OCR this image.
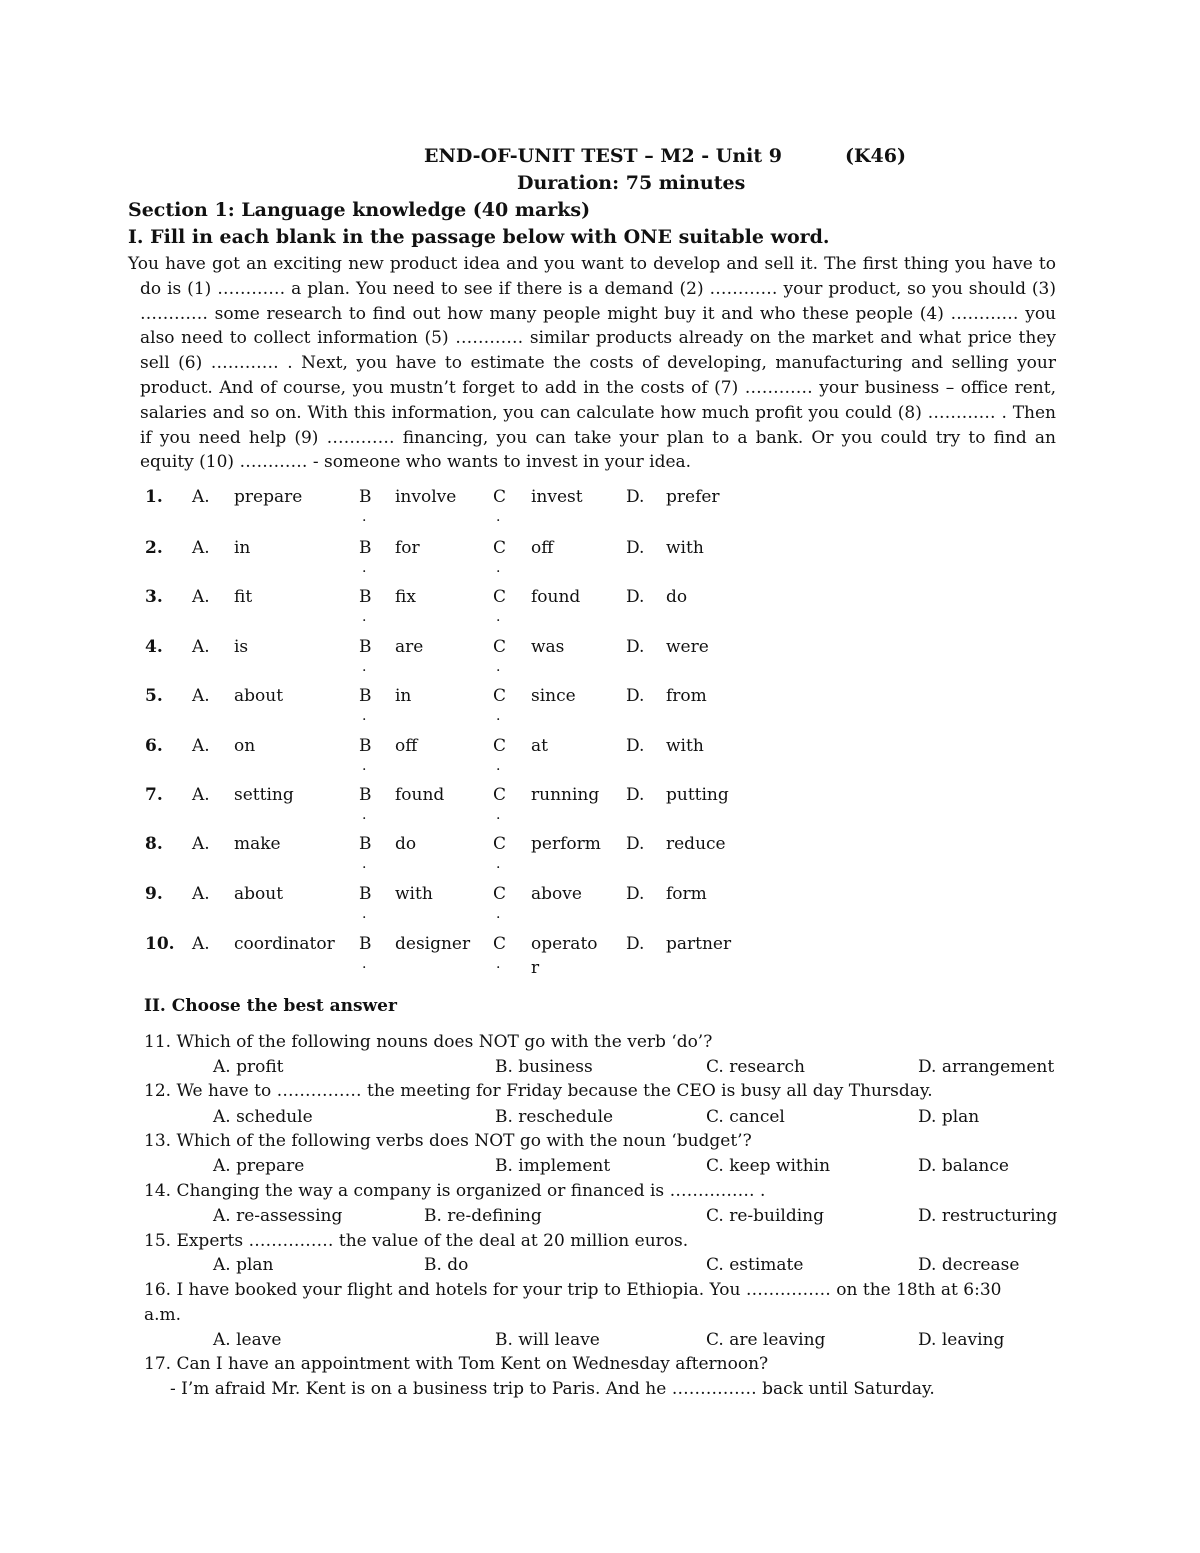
END-OF-UNIT TEST – M2 - Unit 9	(K46)
Duration: 75 minutes
Section 1: Language knowledge (40 marks)
I. Fill in each blank in the passage below with ONE suitable word.

You have got an exciting new product idea and you want to develop and sell it. The first thing you have to do is (1) ………… a plan. You need to see if there is a demand (2) ………… your product, so you should (3) ………… some research to find out how many people might buy it and who these people (4) ………… you also need to collect information (5) ………… similar products already on the market and what price they sell (6) ………… . Next, you have to estimate the costs of developing, manufacturing and selling your product. And of course, you mustn’t forget to add in the costs of (7) ………… your business – office rent, salaries and so on. With this information, you can calculate how much profit you could (8) ………… . Then if you need help (9) ………… financing, you can take your plan to a bank. Or you could try to find an equity (10) ………… - someone who wants to invest in your idea.

1. A. prepare	B involve C invest	D. prefer
.	.
2. A. in	B for	C off	D. with
.	.
3. A. fit	B fix	C found	D. do
.	.
4. A. is	B are	C was	D. were
.	.
5. A. about	B in	C since	D. from
.	.
6. A. on	B off	C at	D. with
.	.
7. A. setting	B found	C running D. putting
.	.
8. A. make	B do	C perform D. reduce
.	.
9. A. about	B with	C above	D. form
.	.
10. A. coordinator B designer C operato D. partner
.	. r
II. Choose the best answer
11. Which of the following nouns does NOT go with the verb ‘do’?
A. profit	B. business	C. research	D. arrangement
12. We have to …………… the meeting for Friday because the CEO is busy all day Thursday.
A. schedule	B. reschedule	C. cancel	D. plan
13. Which of the following verbs does NOT go with the noun ‘budget’?
A. prepare	B. implement	C. keep within	D. balance
14. Changing the way a company is organized or financed is …………… .
A. re-assessing	B. re-defining	C. re-building	D. restructuring
15. Experts …………… the value of the deal at 20 million euros.
A. plan	B. do	C. estimate	D. decrease
16. I have booked your flight and hotels for your trip to Ethiopia. You …………… on the 18th at 6:30
a.m.
A. leave	B. will leave	C. are leaving	D. leaving
17. Can I have an appointment with Tom Kent on Wednesday afternoon?
- I’m afraid Mr. Kent is on a business trip to Paris. And he …………… back until Saturday.
